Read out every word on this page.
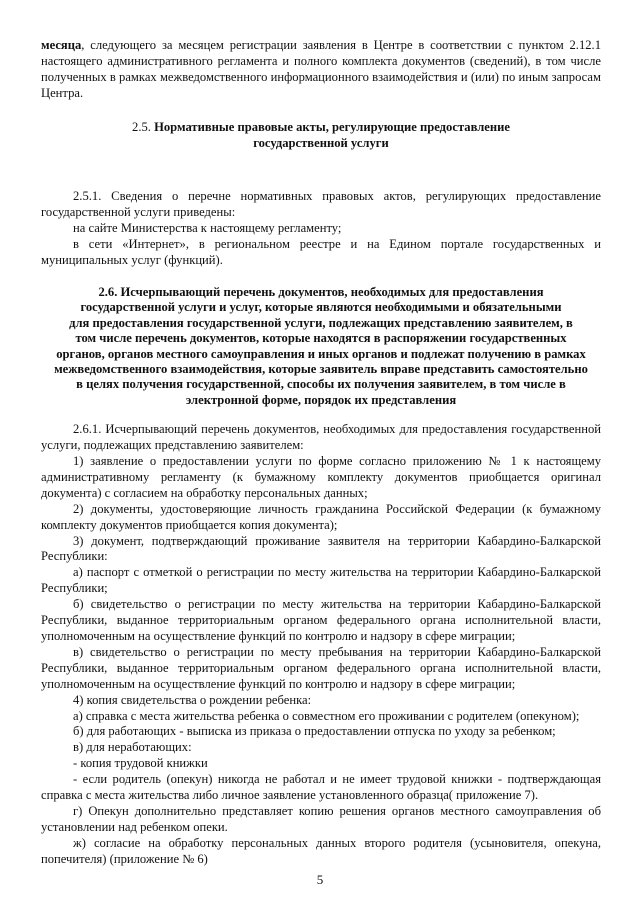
месяца, следующего за месяцем регистрации заявления в Центре в соответствии с пунктом 2.12.1 настоящего административного регламента и полного комплекта документов (сведений), в том числе полученных в рамках межведомственного информационного взаимодействия и (или) по иным запросам Центра.

2.5. Нормативные правовые акты, регулирующие предоставление

государственной услуги

2.5.1. Сведения о перечне нормативных правовых актов, регулирующих предоставление государственной услуги приведены:

на сайте Министерства к настоящему регламенту;

в сети «Интернет», в региональном реестре и на Едином портале государственных и муниципальных услуг (функций).

2.6. Исчерпывающий перечень документов, необходимых для предоставления

государственной услуги и услуг, которые являются необходимыми и обязательными

для предоставления государственной услуги, подлежащих представлению заявителем, в

том числе перечень документов, которые находятся в распоряжении государственных

органов, органов местного самоуправления и иных органов и подлежат получению в рамках

межведомственного взаимодействия, которые заявитель вправе представить самостоятельно

в целях получения государственной, способы их получения заявителем, в том числе в

электронной форме, порядок их представления

2.6.1. Исчерпывающий перечень документов, необходимых для предоставления государственной услуги, подлежащих представлению заявителем:

1) заявление о предоставлении услуги по форме согласно приложению № 1 к настоящему административному регламенту (к бумажному комплекту документов приобщается оригинал документа) с согласием на обработку персональных данных;

2) документы, удостоверяющие личность гражданина Российской Федерации (к бумажному комплекту документов приобщается копия документа);

3) документ, подтверждающий проживание заявителя на территории Кабардино-Балкарской Республики:

а) паспорт с отметкой о регистрации по месту жительства на территории Кабардино-Балкарской Республики;

б) свидетельство о регистрации по месту жительства на территории Кабардино-Балкарской Республики, выданное территориальным органом федерального органа исполнительной власти, уполномоченным на осуществление функций по контролю и надзору в сфере миграции;

в) свидетельство о регистрации по месту пребывания на территории Кабардино-Балкарской Республики, выданное территориальным органом федерального органа исполнительной власти, уполномоченным на осуществление функций по контролю и надзору в сфере миграции;

4) копия свидетельства о рождении ребенка:

а) справка с места жительства ребенка о совместном его проживании с родителем (опекуном);

б) для работающих - выписка из приказа о предоставлении отпуска по уходу за ребенком;

в) для неработающих:

- копия трудовой книжки

- если родитель (опекун) никогда не работал и не имеет трудовой книжки - подтверждающая справка с места жительства либо личное заявление установленного образца( приложение 7).

г) Опекун дополнительно представляет копию решения органов местного самоуправления об установлении над ребенком опеки.

ж) согласие на обработку персональных данных второго родителя (усыновителя, опекуна, попечителя) (приложение № 6)

5
